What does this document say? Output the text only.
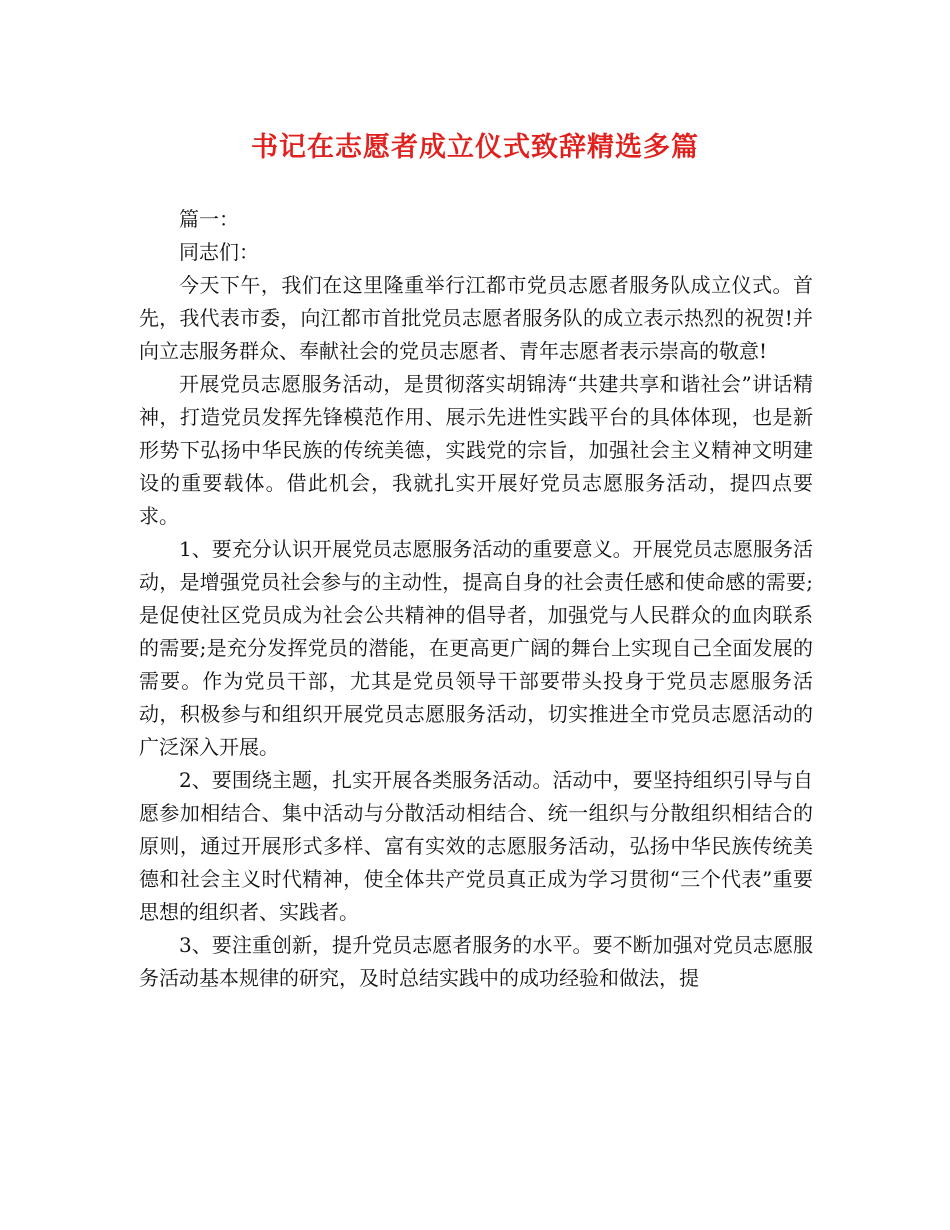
书记在志愿者成立仪式致辞精选多篇

篇一：

同志们：

今天下午，我们在这里隆重举行江都市党员志愿者服务队成立仪式。首先，我代表市委，向江都市首批党员志愿者服务队的成立表示热烈的祝贺!并向立志服务群众、奉献社会的党员志愿者、青年志愿者表示崇高的敬意!

开展党员志愿服务活动，是贯彻落实胡锦涛“共建共享和谐社会”讲话精神，打造党员发挥先锋模范作用、展示先进性实践平台的具体体现，也是新形势下弘扬中华民族的传统美德，实践党的宗旨，加强社会主义精神文明建设的重要载体。借此机会，我就扎实开展好党员志愿服务活动，提四点要求。

1、要充分认识开展党员志愿服务活动的重要意义。开展党员志愿服务活动，是增强党员社会参与的主动性，提高自身的社会责任感和使命感的需要;是促使社区党员成为社会公共精神的倡导者，加强党与人民群众的血肉联系的需要;是充分发挥党员的潜能，在更高更广阔的舞台上实现自己全面发展的需要。作为党员干部，尤其是党员领导干部要带头投身于党员志愿服务活动，积极参与和组织开展党员志愿服务活动，切实推进全市党员志愿活动的广泛深入开展。

2、要围绕主题，扎实开展各类服务活动。活动中，要坚持组织引导与自愿参加相结合、集中活动与分散活动相结合、统一组织与分散组织相结合的原则，通过开展形式多样、富有实效的志愿服务活动，弘扬中华民族传统美德和社会主义时代精神，使全体共产党员真正成为学习贯彻“三个代表”重要思想的组织者、实践者。

3、要注重创新，提升党员志愿者服务的水平。要不断加强对党员志愿服务活动基本规律的研究，及时总结实践中的成功经验和做法，提
